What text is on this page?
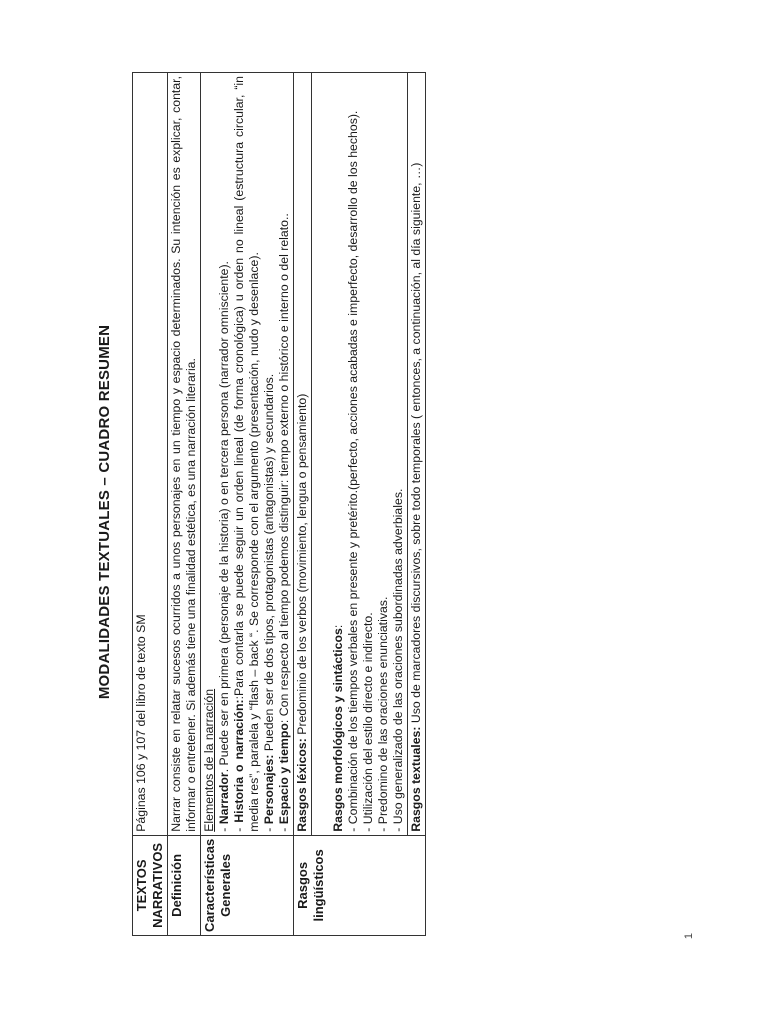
MODALIDADES TEXTUALES – CUADRO RESUMEN
TEXTOS NARRATIVOS	Páginas 106 y 107 del libro de texto SM
Definición	Narrar consiste en relatar sucesos ocurridos a unos personajes en un tiempo y espacio determinados. Su intención es explicar, contar, informar o entretener. Si además tiene una finalidad estética, es una narración literaria.
Características Generales	Elementos de la narración - Narrador. Puede ser en primera (personaje de la historia) o en tercera persona (narrador omnisciente).
- Historia o narración::Para contarla se puede seguir un orden lineal (de forma cronológica) u orden no lineal (estructura circular, “in media res”, paralela y “flash – back “. Se corresponde con el argumento (presentación, nudo y desenlace). - Personajes: Pueden ser de dos tipos, protagonistas (antagonistas) y secundarios.
- Espacio y tiempo: Con respecto al tiempo podemos distinguir: tiempo externo o histórico e interno o del relato..

Rasgos lingüísticos	Rasgos léxicos: Predominio de los verbos (movimiento, lengua o pensamiento)

	Rasgos morfológicos y sintácticos:
- Combinación de los tiempos verbales en presente y pretérito.(perfecto, acciones acabadas e imperfecto, desarrollo de los hechos).
- Utilización del estilo directo e indirecto.
- Predomino de las oraciones enunciativas.
- Uso generalizado de las oraciones subordinadas adverbiales.

	Rasgos textuales: Uso de marcadores discursivos, sobre todo temporales ( entonces, a continuación, al día siguiente, …)
1
